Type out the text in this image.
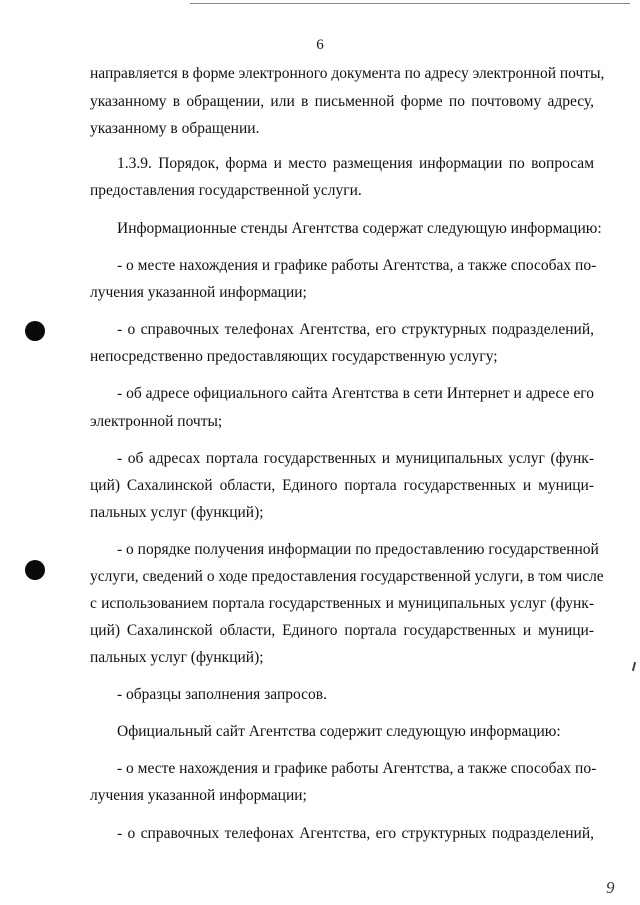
6
направляется в форме электронного документа по адресу электронной почты,
указанному в обращении, или в письменной форме по почтовому адресу,
указанному в обращении.
1.3.9. Порядок, форма и место размещения информации по вопросам
предоставления государственной услуги.
Информационные стенды Агентства содержат следующую информацию:
- о месте нахождения и графике работы Агентства, а также способах по-
лучения указанной информации;
- о справочных телефонах Агентства, его структурных подразделений,
непосредственно предоставляющих государственную услугу;
- об адресе официального сайта Агентства в сети Интернет и адресе его
электронной почты;
- об адресах портала государственных и муниципальных услуг (функ-
ций) Сахалинской области, Единого портала государственных и муници-
пальных услуг (функций);
- о порядке получения информации по предоставлению государственной
услуги, сведений о ходе предоставления государственной услуги, в том числе
с использованием портала государственных и муниципальных услуг (функ-
ций) Сахалинской области, Единого портала государственных и муници-
пальных услуг (функций);
- образцы заполнения запросов.
Официальный сайт Агентства содержит следующую информацию:
- о месте нахождения и графике работы Агентства, а также способах по-
лучения указанной информации;
- о справочных телефонах Агентства, его структурных подразделений,
9
